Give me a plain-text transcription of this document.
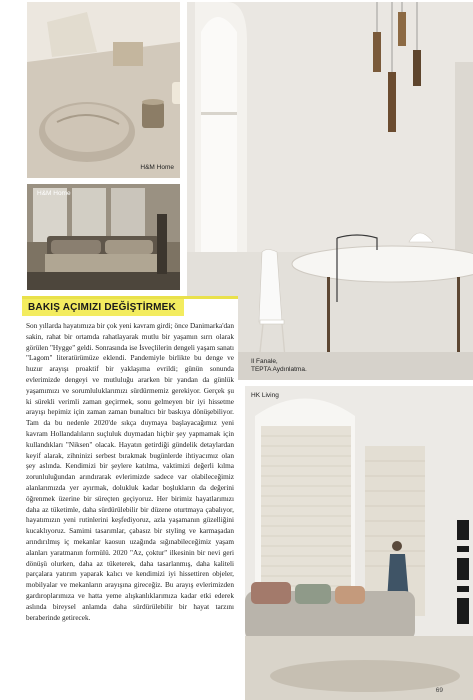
H&M Home
H&M Home
Il Fanale,
TEPTA Aydınlatma.
HK Living
BAKIŞ AÇIMIZI DEĞİŞTİRMEK

Son yıllarda hayatımıza bir çok yeni kavram girdi; önce Danimarka'dan sakin, rahat bir ortamda rahatlayarak mutlu bir yaşamın sırrı olarak görülen "Hygge" geldi. Sonrasında ise İsveçlilerin dengeli yaşam sanatı "Lagom" literatürümüze eklendi. Pandemiyle birlikte bu denge ve huzur arayışı proaktif bir yaklaşıma evrildi; günün sonunda evlerimizde dengeyi ve mutluluğu ararken bir yandan da günlük yaşamımızı ve sorumluluklarımızı sürdürmemiz gerekiyor. Gerçek şu ki sürekli verimli zaman geçirmek, sonu gelmeyen bir iyi hissetme arayışı hepimiz için zaman zaman bunaltıcı bir baskıya dönüşebiliyor. Tam da bu nedenle 2020'de sıkça duymaya başlayacağımız yeni kavram Hollandalıların suçluluk duymadan hiçbir şey yapmamak için kullandıkları "Niksen" olacak. Hayatın getirdiği gündelik detaylardan keyif alarak, zihninizi serbest bırakmak bugünlerde ihtiyacımız olan şey aslında. Kendimizi bir şeylere katılma, vaktimizi değerli kılma zorunluluğundan arındırarak evlerimizde sadece var olabileceğimiz alanlarımızda yer ayırmak, dolukluk kadar boşlukların da değerini öğrenmek üzerine bir süreçten geçiyoruz. Her birimiz hayatlarımızı daha az tüketimle, daha sürdürülebilir bir düzene oturtmaya çabalıyor, hayatımızın yeni rutinlerini keşfediyoruz, azla yaşamanın güzelliğini kucaklıyoruz. Samimi tasarımlar, çabasız bir styling ve karmaşadan arındırılmış iç mekanlar kaosun uzağında sığınabileceğimiz yaşam alanları yaratmanın formülü. 2020 "Az, çoktur" ilkesinin bir nevi geri dönüşü olurken, daha az tüketerek, daha tasarlanmış, daha kaliteli parçalara yatırım yaparak kalıcı ve kendimizi iyi hissettiren objeler, mobilyalar ve mekanların arayışına gireceğiz. Bu arayış evlerimizden gardıroplarımıza ve hatta yeme alışkanlıklarımıza kadar etki ederek aslında bireysel anlamda daha sürdürülebilir bir hayat tarzını beraberinde getirecek.

69
